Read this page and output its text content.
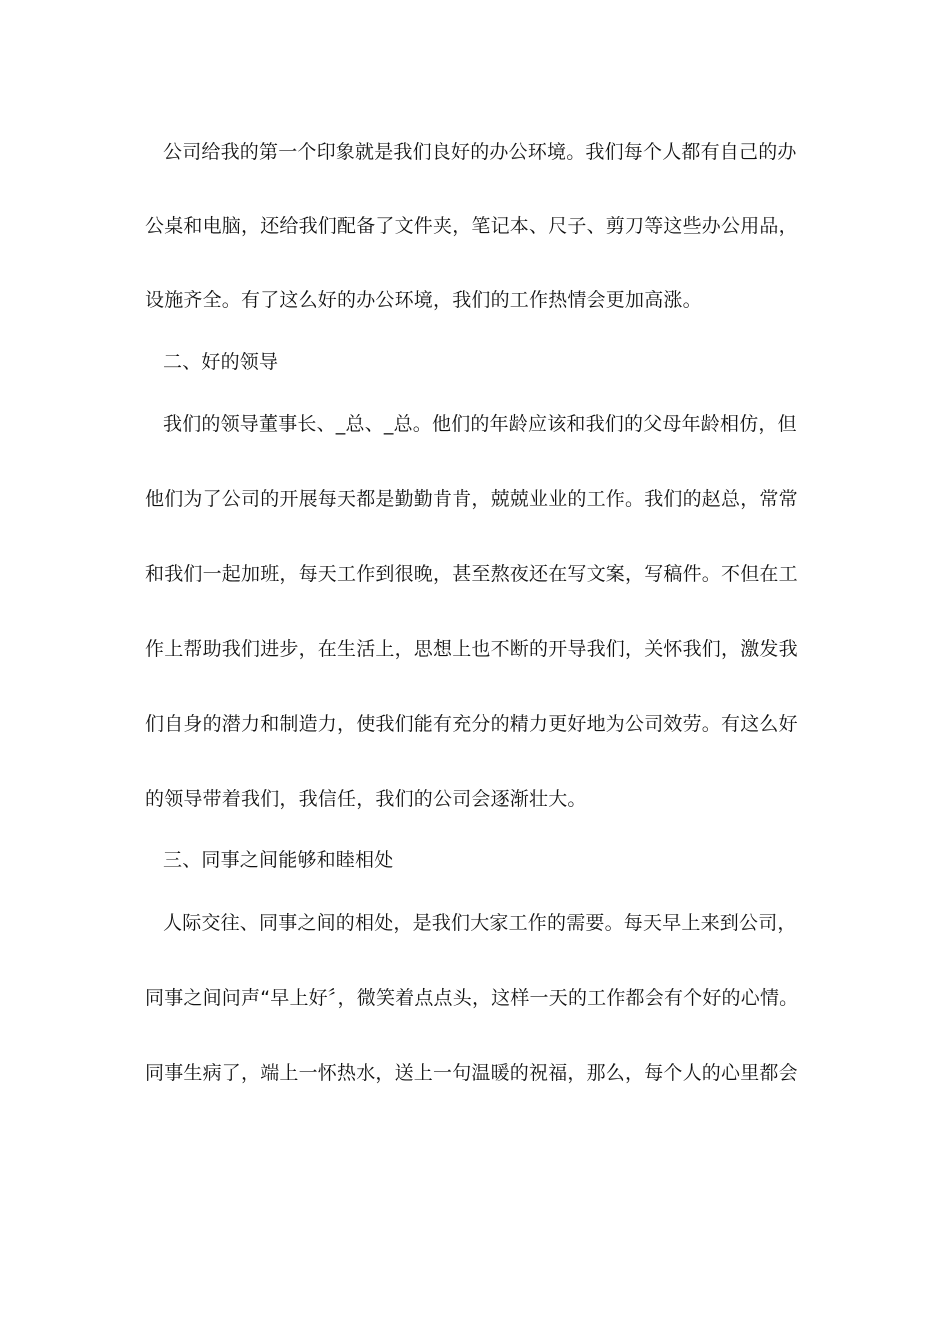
公司给我的第一个印象就是我们良好的办公环境。我们每个人都有自己的办
公桌和电脑，还给我们配备了文件夹，笔记本、尺子、剪刀等这些办公用品，
设施齐全。有了这么好的办公环境，我们的工作热情会更加高涨。
二、好的领导
我们的领导董事长、_总、_总。他们的年龄应该和我们的父母年龄相仿，但
他们为了公司的开展每天都是勤勤肯肯，兢兢业业的工作。我们的赵总，常常
和我们一起加班，每天工作到很晚，甚至熬夜还在写文案，写稿件。不但在工
作上帮助我们进步，在生活上，思想上也不断的开导我们，关怀我们，激发我
们自身的潜力和制造力，使我们能有充分的精力更好地为公司效劳。有这么好
的领导带着我们，我信任，我们的公司会逐渐壮大。
三、同事之间能够和睦相处
人际交往、同事之间的相处，是我们大家工作的需要。每天早上来到公司，
同事之间问声“早上好〞，微笑着点点头，这样一天的工作都会有个好的心情。
同事生病了，端上一怀热水，送上一句温暖的祝福，那么，每个人的心里都会
